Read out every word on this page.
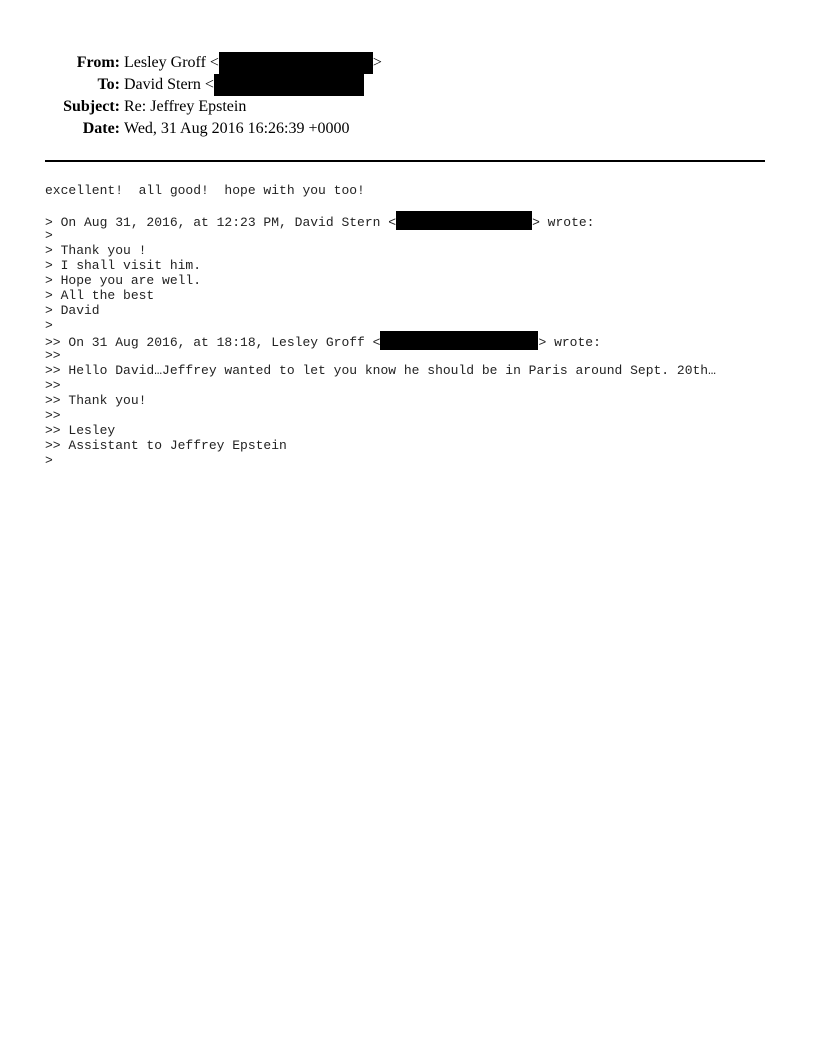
From: Lesley Groff <	>
To: David Stern <
Subject: Re: Jeffrey Epstein
Date: Wed, 31 Aug 2016 16:26:39 +0000
excellent!  all good!  hope with you too!
> On Aug 31, 2016, at 12:23 PM, David Stern <	> wrote:
>
> Thank you !
> I shall visit him.
> Hope you are well.
> All the best
> David
>
>> On 31 Aug 2016, at 18:18, Lesley Groff <	> wrote:
>>
>> Hello David…Jeffrey wanted to let you know he should be in Paris around Sept. 20th…
>>
>> Thank you!
>>
>> Lesley
>> Assistant to Jeffrey Epstein
>
